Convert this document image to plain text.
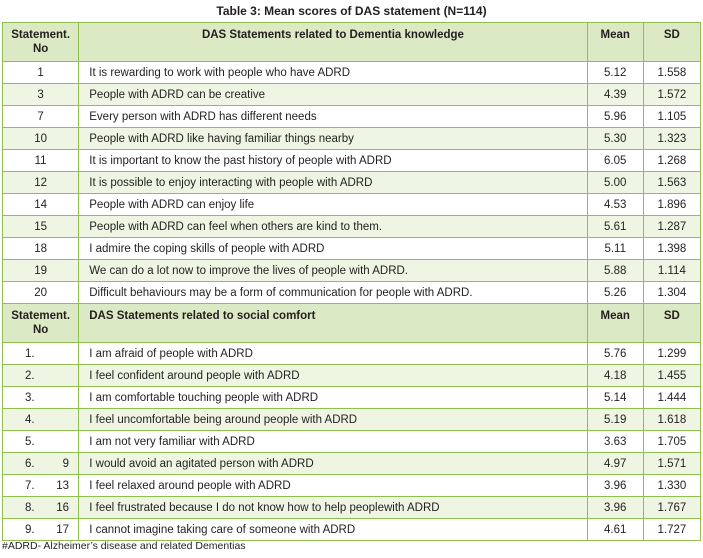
Table 3: Mean scores of DAS statement (N=114)
Statement.
No	DAS Statements related to Dementia knowledge	Mean	SD
1	It is rewarding to work with people who have ADRD	5.12	1.558
3	People with ADRD can be creative	4.39	1.572
7	Every person with ADRD has different needs	5.96	1.105
10	People with ADRD like having familiar things nearby	5.30	1.323
11	It is important to know the past history of people with ADRD	6.05	1.268
12	It is possible to enjoy interacting with people with ADRD	5.00	1.563
14	People with ADRD can enjoy life	4.53	1.896
15	People with ADRD can feel when others are kind to them.	5.61	1.287
18	I admire the coping skills of people with ADRD	5.11	1.398
19	We can do a lot now to improve the lives of people with ADRD.	5.88	1.114
20	Difficult behaviours may be a form of communication for people with ADRD.	5.26	1.304
Statement.
No	DAS Statements related to social comfort	Mean	SD
1.	I am afraid of people with ADRD	5.76	1.299
2.	I feel confident around people with ADRD	4.18	1.455
3.	I am comfortable touching people with ADRD	5.14	1.444
4.	I feel uncomfortable being around people with ADRD	5.19	1.618
5.	I am not very familiar with ADRD	3.63	1.705
6. 9	I would avoid an agitated person with ADRD	4.97	1.571
7. 13	I feel relaxed around people with ADRD	3.96	1.330
8. 16	I feel frustrated because I do not know how to help peoplewith ADRD	3.96	1.767
9. 17	I cannot imagine taking care of someone with ADRD	4.61	1.727
#ADRD- Alzheimer’s disease and related Dementias
